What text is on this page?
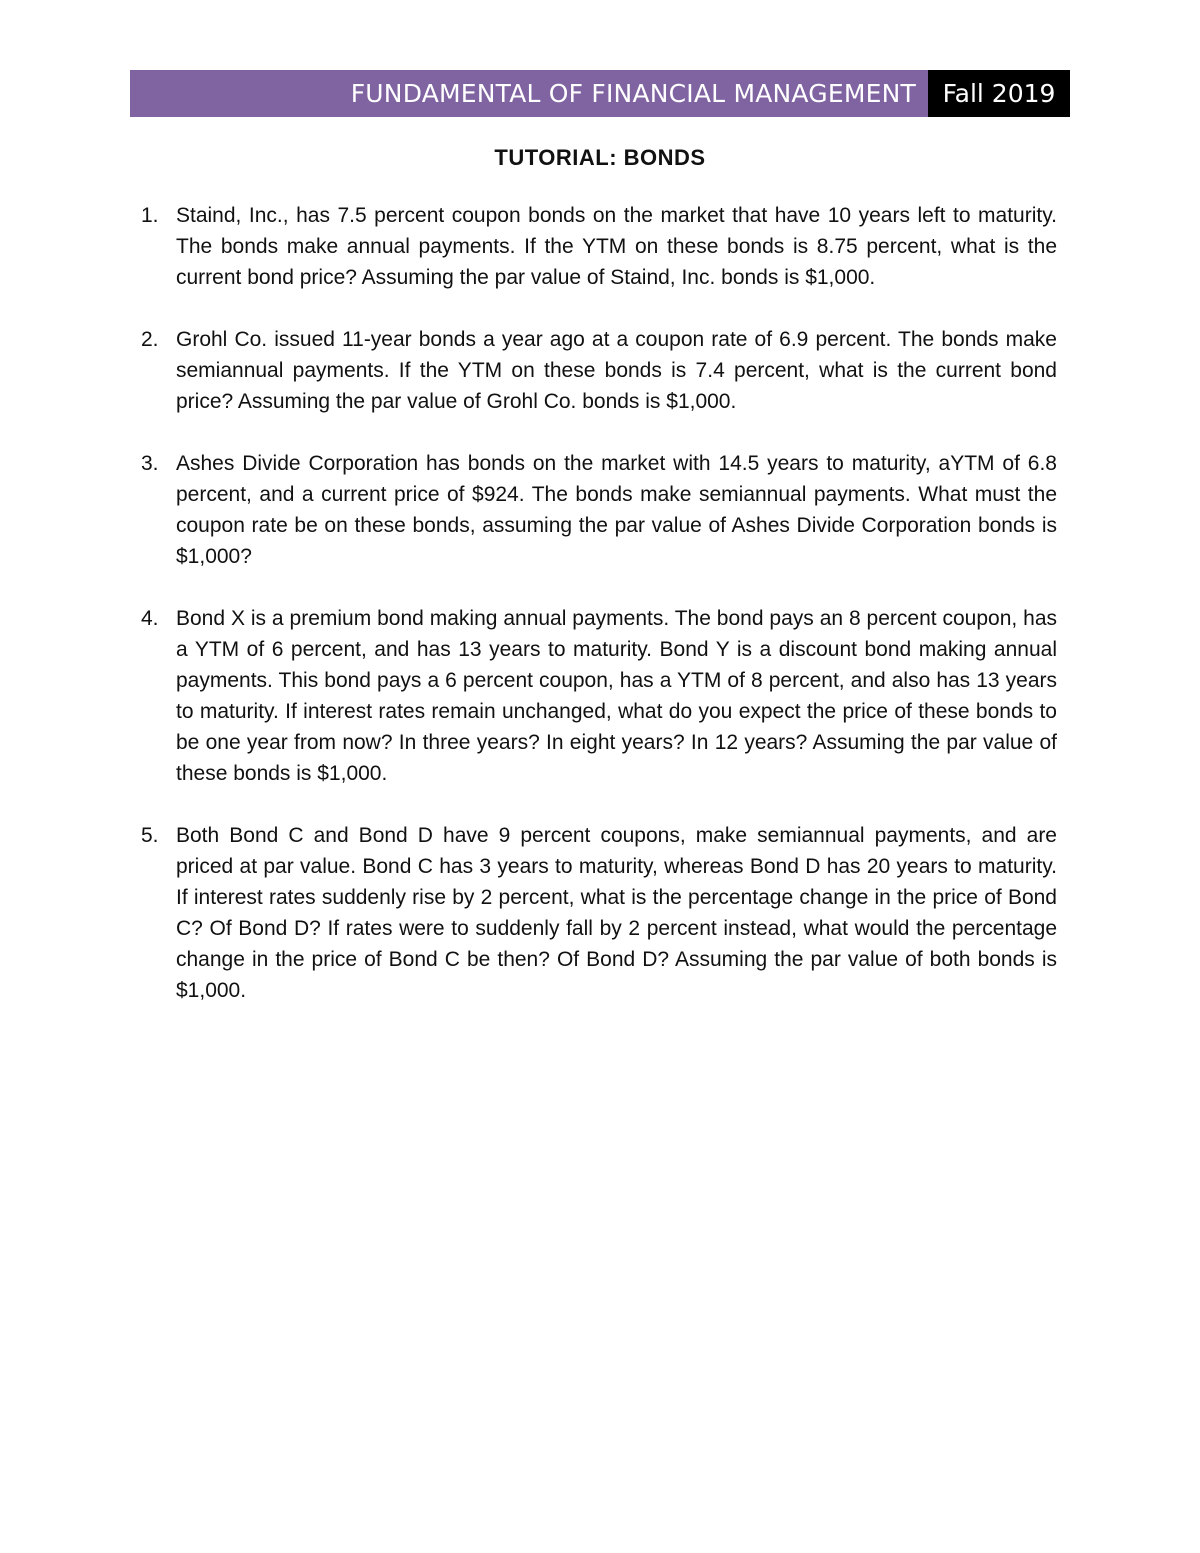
FUNDAMENTAL OF FINANCIAL MANAGEMENT Fall 2019
TUTORIAL: BONDS
1. Staind, Inc., has 7.5 percent coupon bonds on the market that have 10 years left to maturity. The bonds make annual payments. If the YTM on these bonds is 8.75 percent, what is the current bond price? Assuming the par value of Staind, Inc. bonds is $1,000.
2. Grohl Co. issued 11-year bonds a year ago at a coupon rate of 6.9 percent. The bonds make semiannual payments. If the YTM on these bonds is 7.4 percent, what is the current bond price? Assuming the par value of Grohl Co. bonds is $1,000.
3. Ashes Divide Corporation has bonds on the market with 14.5 years to maturity, aYTM of 6.8 percent, and a current price of $924. The bonds make semiannual payments. What must the coupon rate be on these bonds, assuming the par value of Ashes Divide Corporation bonds is $1,000?
4. Bond X is a premium bond making annual payments. The bond pays an 8 percent coupon, has a YTM of 6 percent, and has 13 years to maturity. Bond Y is a discount bond making annual payments. This bond pays a 6 percent coupon, has a YTM of 8 percent, and also has 13 years to maturity. If interest rates remain unchanged, what do you expect the price of these bonds to be one year from now? In three years? In eight years? In 12 years? Assuming the par value of these bonds is $1,000.
5. Both Bond C and Bond D have 9 percent coupons, make semiannual payments, and are priced at par value. Bond C has 3 years to maturity, whereas Bond D has 20 years to maturity. If interest rates suddenly rise by 2 percent, what is the percentage change in the price of Bond C? Of Bond D? If rates were to suddenly fall by 2 percent instead, what would the percentage change in the price of Bond C be then? Of Bond D? Assuming the par value of both bonds is $1,000.
